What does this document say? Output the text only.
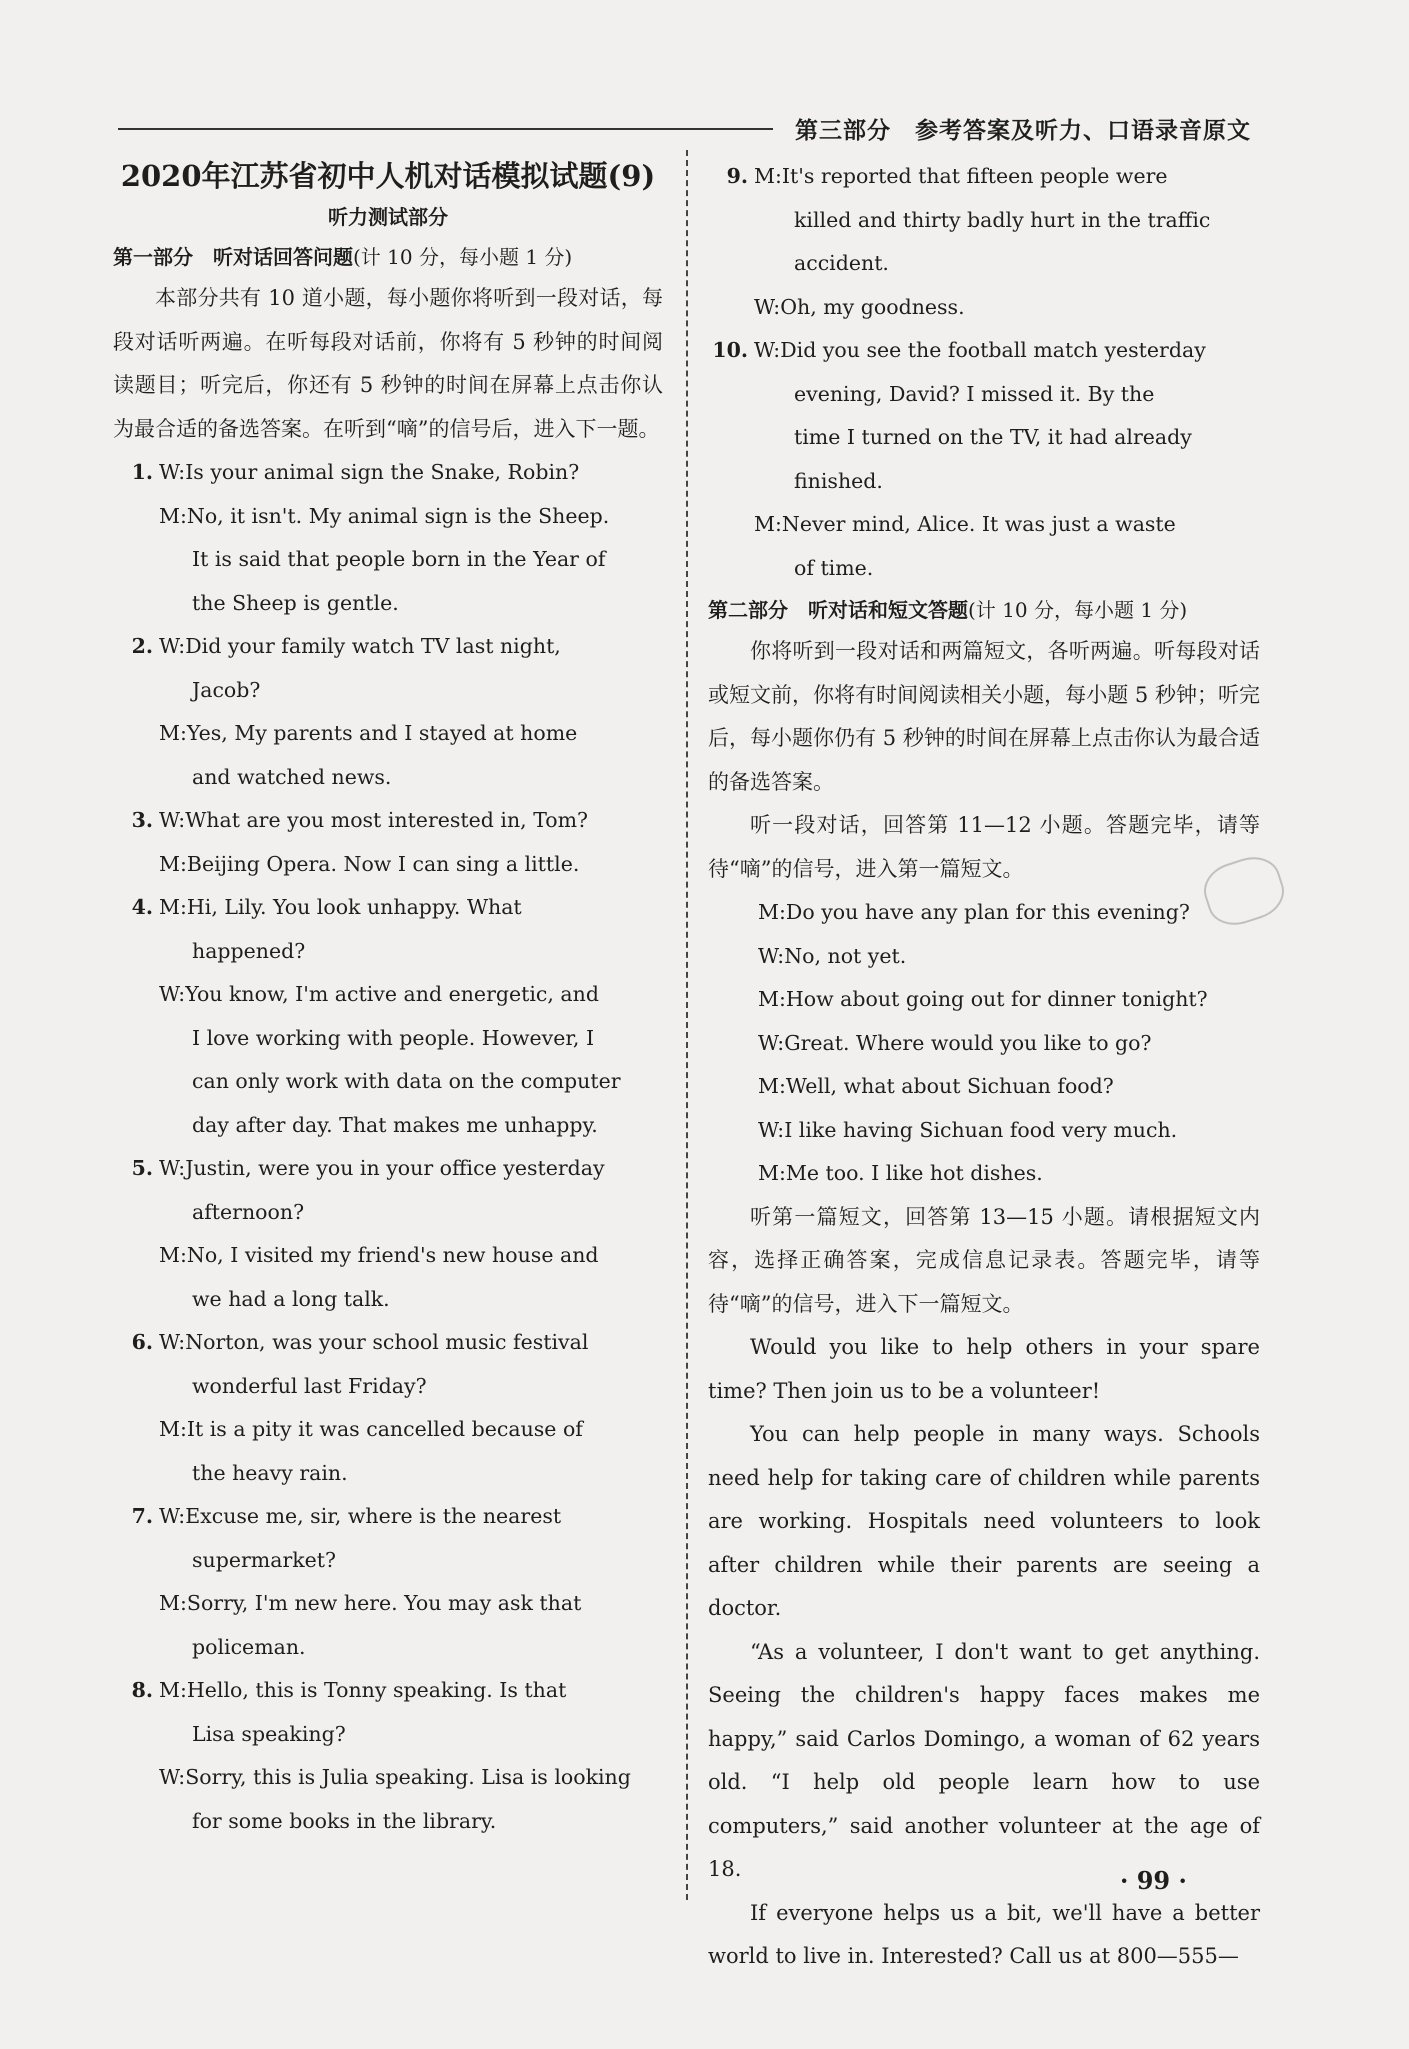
第三部分　参考答案及听力、口语录音原文
2020年江苏省初中人机对话模拟试题(9)
听力测试部分
第一部分　听对话回答问题(计 10 分，每小题 1 分)
本部分共有 10 道小题，每小题你将听到一段对话，每段对话听两遍。在听每段对话前，你将有 5 秒钟的时间阅读题目；听完后，你还有 5 秒钟的时间在屏幕上点击你认为最合适的备选答案。在听到“嘀”的信号后，进入下一题。
1. W:Is your animal sign the Snake, Robin?
M:No, it isn't. My animal sign is the Sheep.
It is said that people born in the Year of
the Sheep is gentle.
2. W:Did your family watch TV last night,
Jacob?
M:Yes, My parents and I stayed at home
and watched news.
3. W:What are you most interested in, Tom?
M:Beijing Opera. Now I can sing a little.
4. M:Hi, Lily. You look unhappy. What
happened?
W:You know, I'm active and energetic, and
I love working with people. However, I
can only work with data on the computer
day after day. That makes me unhappy.
5. W:Justin, were you in your office yesterday
afternoon?
M:No, I visited my friend's new house and
we had a long talk.
6. W:Norton, was your school music festival
wonderful last Friday?
M:It is a pity it was cancelled because of
the heavy rain.
7. W:Excuse me, sir, where is the nearest
supermarket?
M:Sorry, I'm new here. You may ask that
policeman.
8. M:Hello, this is Tonny speaking. Is that
Lisa speaking?
W:Sorry, this is Julia speaking. Lisa is looking
for some books in the library.
9. M:It's reported that fifteen people were
killed and thirty badly hurt in the traffic
accident.
W:Oh, my goodness.
10. W:Did you see the football match yesterday
evening, David? I missed it. By the
time I turned on the TV, it had already
finished.
M:Never mind, Alice. It was just a waste
of time.
第二部分　听对话和短文答题(计 10 分，每小题 1 分)
你将听到一段对话和两篇短文，各听两遍。听每段对话或短文前，你将有时间阅读相关小题，每小题 5 秒钟；听完后，每小题你仍有 5 秒钟的时间在屏幕上点击你认为最合适的备选答案。
听一段对话，回答第 11—12 小题。答题完毕，请等待“嘀”的信号，进入第一篇短文。
M:Do you have any plan for this evening?
W:No, not yet.
M:How about going out for dinner tonight?
W:Great. Where would you like to go?
M:Well, what about Sichuan food?
W:I like having Sichuan food very much.
M:Me too. I like hot dishes.
听第一篇短文，回答第 13—15 小题。请根据短文内容，选择正确答案，完成信息记录表。答题完毕，请等待“嘀”的信号，进入下一篇短文。
Would you like to help others in your spare time? Then join us to be a volunteer!
You can help people in many ways. Schools need help for taking care of children while parents are working. Hospitals need volunteers to look after children while their parents are seeing a doctor.
“As a volunteer, I don't want to get anything. Seeing the children's happy faces makes me happy,” said Carlos Domingo, a woman of 62 years old. “I help old people learn how to use computers,” said another volunteer at the age of 18.
If everyone helps us a bit, we'll have a better world to live in. Interested? Call us at 800—555—
· 99 ·
